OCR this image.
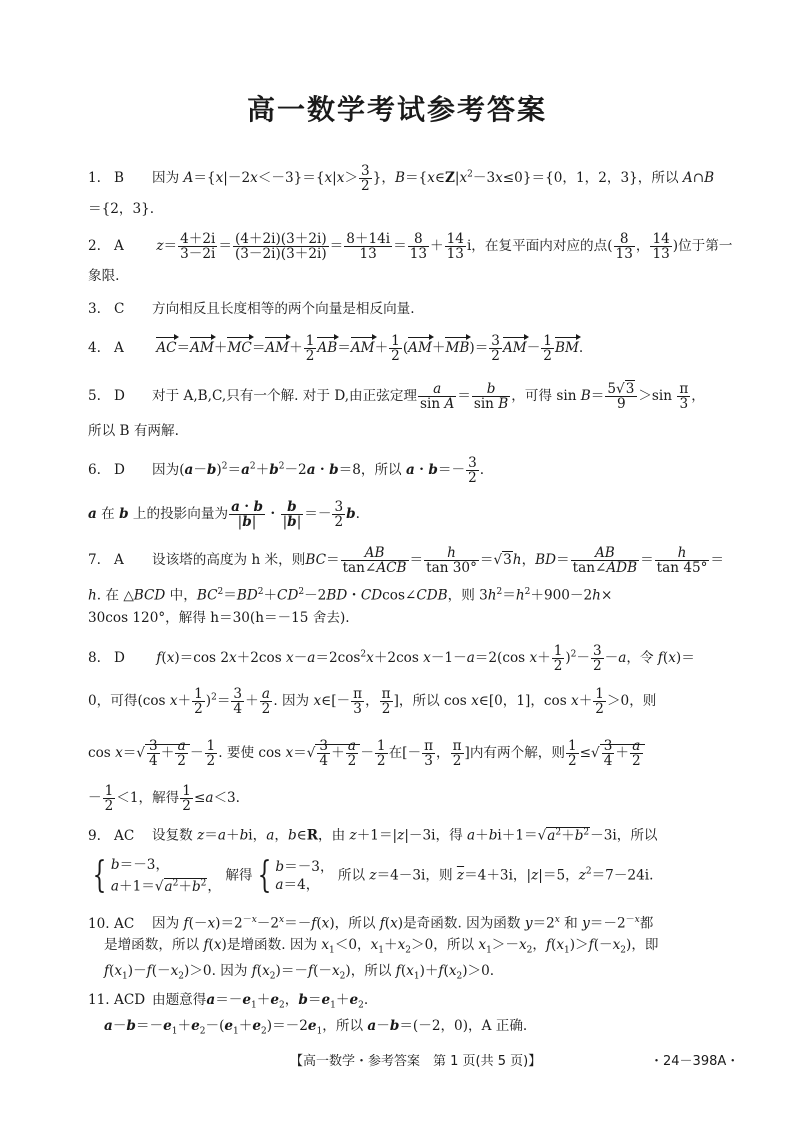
高一数学考试参考答案
1. B 因为 $A=\{x|-2x<-3\}=\{x|x> \frac{3}{2}$ }，$B=\{x\in Z|x^2-3x\le 0\}=\{0$，1，2，3}，所以 A∩B
＝{2，3}.
2. A $z= \frac{4+2i}{3-2i} = \frac{(4+2i)(3+2i)}{(3-2i)(3+2i)} = \frac{8+14i}{13} = \frac{8}{13} + \frac{14}{13}$ i，在复平面内对应的点( $\frac{8}{13}$ ， $\frac{14}{13}$ )位于第一
象限.
3. C 方向相反且长度相等的两个向量是相反向量.
4. A $AC=AM+MC=AM+ \frac{1}{2} AB=AM+ \frac{1}{2} (AM+MB)= \frac{3}{2} AM- \frac{1}{2}$ BM.
5. D 对于 A,B,C,只有一个解. 对于 D,由正弦定理 $\frac{a}{\text{sin A}} = \frac{b}{\text{sin B}}$ ，可得 $\sin B= \frac{5√3}{9} >\sin \frac{\pi}{3}$ ，
所以 B 有两解.
6. D 因为$(a-b)^2=a^2+b^2-2a$・b＝8，所以 a・$b=- \frac{3}{2}$ .
a 在 b 上的投影向量为 $\frac{a・b}{|b|}$ ・ $\frac{b}{|b|} =- \frac{3}{2} b$.
7. A 设该塔的高度为 h 米，则BC＝	AB
tan∠ACB ＝ $\frac{h}{\tan 30^\circ} =√3h$，BD＝	AB
tan∠ADB ＝ $\frac{h}{\tan 45^\circ}$ ＝
h. 在 △BCD 中，$BC^2=BD^2+CD^2-2BD$・CDcos∠CDB，则 $3h^2=h^2+900-2h\times$
30cos 120°，解得 h＝30(h＝－15 舍去).
8. D f(x)＝cos 2x＋2cos $x-a=2\cos^2x+2\cos$ x－1－a＝2(cos $x+ \frac{1}{2} )^2- \frac{3}{2} -a$，令 f(x)＝
0，可得(cos $x+ \frac{1}{2} )^2= \frac{3}{4} + \frac{a}{2}$ . 因为 x∈[－ $\frac{\pi}{3}$ ， $\frac{\pi}{2}$ ]，所以 cos x∈[0，1]，$\cos x+ \frac{1}{2} >0$，则
$\cos x=√ \frac{3}{4} + \frac{a}{2} - \frac{1}{2}$ . 要使 $\cos x=√ \frac{3}{4} + \frac{a}{2} - \frac{1}{2}$ 在[－ $\frac{\pi}{3}$ ， $\frac{\pi}{2}$ ]内有两个解，则 $\frac{1}{2}$ ≤√ $\frac{3}{4} + \frac{a}{2}$
－ $\frac{1}{2} <1$，解得 $\frac{1}{2} \le a<3$.
9. AC 设复数 z＝a＋bi，a，b∈R，由 z＋1＝|z|－3i，得 $a+bi+1=√a^2+b^2-3i$，所以
{ b＝－3，
$a+1=√a^2+b^2$， 解得 { b＝－3，
a＝4， 所以 z＝4－3i，则 $\overline{z}=4+3i$，|z|＝5，$z^2=7-24i$.
10. AC 因为 $f(-x)=2^{-x}-2^x=-f(x)$，所以 f(x)是奇函数. 因为函数 $y=2^x$ 和 $y=-2^{-x}$都
是增函数，所以 f(x)是增函数. 因为 $x_1<0$，$x_1+x_2>0$，所以 $x_1>-x_2$，$f(x_1)>f(-x_2)$，即
$f(x_1)-f(-x_2)>0$. 因为 $f(x_2)=-f(-x_2)$，所以 $f(x_1)+f(x_2)>0$.
11. ACD 由题意得$a=-e_1+e_2$，$b=e_1+e_2$.
$a-b=-e_1+e_2-(e_1+e_2)=-2e_1$，所以 a－b＝(－2，0)，A 正确.
【高一数学・参考答案　第 1 页(共 5 页)】	・24－398A・
